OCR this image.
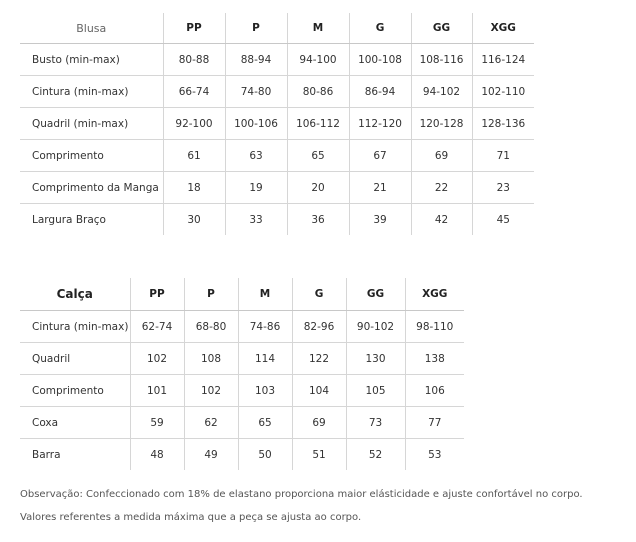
Blusa	PP	P	M	G	GG	XGG
Busto (min-max)	80-88	88-94	94-100	100-108	108-116	116-124
Cintura (min-max)	66-74	74-80	80-86	86-94	94-102	102-110
Quadril (min-max)	92-100	100-106	106-112	112-120	120-128	128-136
Comprimento	61	63	65	67	69	71
Comprimento da Manga	18	19	20	21	22	23
Largura Braço	30	33	36	39	42	45
Calça	PP	P	M	G	GG	XGG
Cintura (min-max)	62-74	68-80	74-86	82-96	90-102	98-110
Quadril	102	108	114	122	130	138
Comprimento	101	102	103	104	105	106
Coxa	59	62	65	69	73	77
Barra	48	49	50	51	52	53

Observação: Confeccionado com 18% de elastano proporciona maior elásticidade e ajuste confortável no corpo.

Valores referentes a medida máxima que a peça se ajusta ao corpo.
